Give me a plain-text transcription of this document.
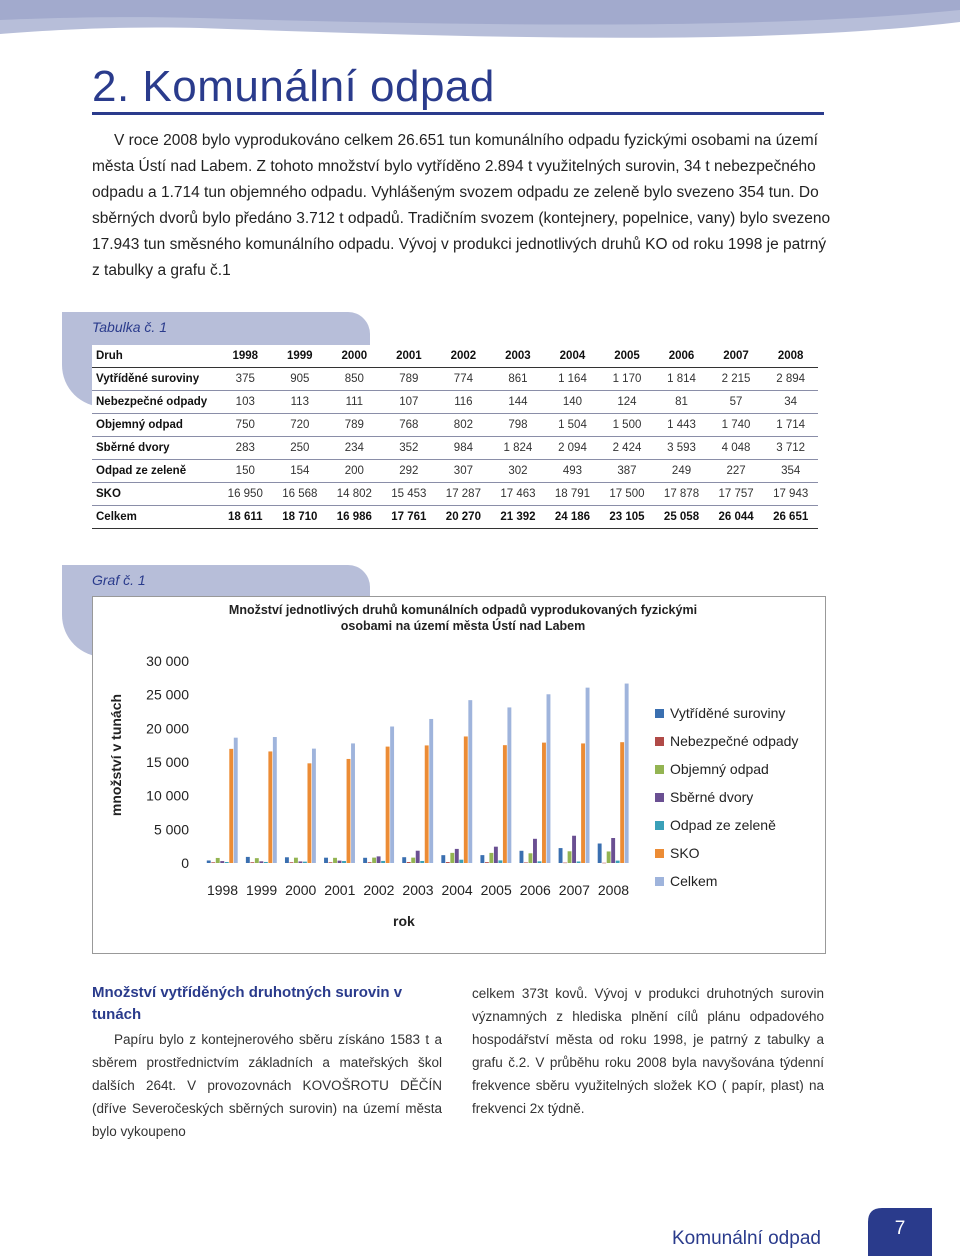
2. Komunální odpad

V roce 2008 bylo vyprodukováno celkem 26.651 tun komunálního odpadu fyzickými osobami na území města Ústí nad Labem. Z tohoto množství bylo vytříděno 2.894 t využitelných surovin, 34 t nebezpečného odpadu a 1.714 tun objemného odpadu. Vyhlášeným svozem odpadu ze zeleně bylo svezeno 354 tun. Do sběrných dvorů bylo předáno 3.712 t odpadů. Tradičním svozem (kontejnery, popelnice, vany) bylo svezeno 17.943 tun směsného komunálního odpadu. Vývoj v produkci jednotlivých druhů KO od roku 1998 je patrný z tabulky a grafu č.1

Tabulka č. 1
Druh	1998	1999	2000	2001	2002	2003	2004	2005	2006	2007	2008
Vytříděné suroviny	375	905	850	789	774	861	1 164	1 170	1 814	2 215	2 894
Nebezpečné odpady	103	113	111	107	116	144	140	124	81	57	34
Objemný odpad	750	720	789	768	802	798	1 504	1 500	1 443	1 740	1 714
Sběrné dvory	283	250	234	352	984	1 824	2 094	2 424	3 593	4 048	3 712
Odpad ze zeleně	150	154	200	292	307	302	493	387	249	227	354
SKO	16 950	16 568	14 802	15 453	17 287	17 463	18 791	17 500	17 878	17 757	17 943
Celkem	18 611	18 710	16 986	17 761	20 270	21 392	24 186	23 105	25 058	26 044	26 651
Graf č. 1
Množství jednotlivých druhů komunálních odpadů vyprodukovaných fyzickými osobami na území města Ústí nad Labem
množství v tunách
rok
0
5 000
10 000
15 000
20 000
25 000
30 000
1998 1999 2000 2001 2002 2003 2004 2005 2006 2007 2008
Vytříděné suroviny
Nebezpečné odpady
Objemný odpad
Sběrné dvory
Odpad ze zeleně
SKO
Celkem
Množství vytříděných druhotných surovin v tunách

Papíru bylo z kontejnerového sběru získáno 1583 t a sběrem prostřednictvím základních a mateřských škol dalších 264t. V provozovnách KOVOŠROTU DĚČÍN (dříve Severočeských sběrných surovin) na území města bylo vykoupeno

celkem 373t kovů. Vývoj v produkci druhotných surovin významných z hlediska plnění cílů plánu odpadového hospodářství města od roku 1998, je patrný z tabulky a grafu č.2. V průběhu roku 2008 byla navyšována týdenní frekvence sběru využitelných složek KO ( papír, plast) na frekvenci 2x týdně.

Komunální odpad	7
